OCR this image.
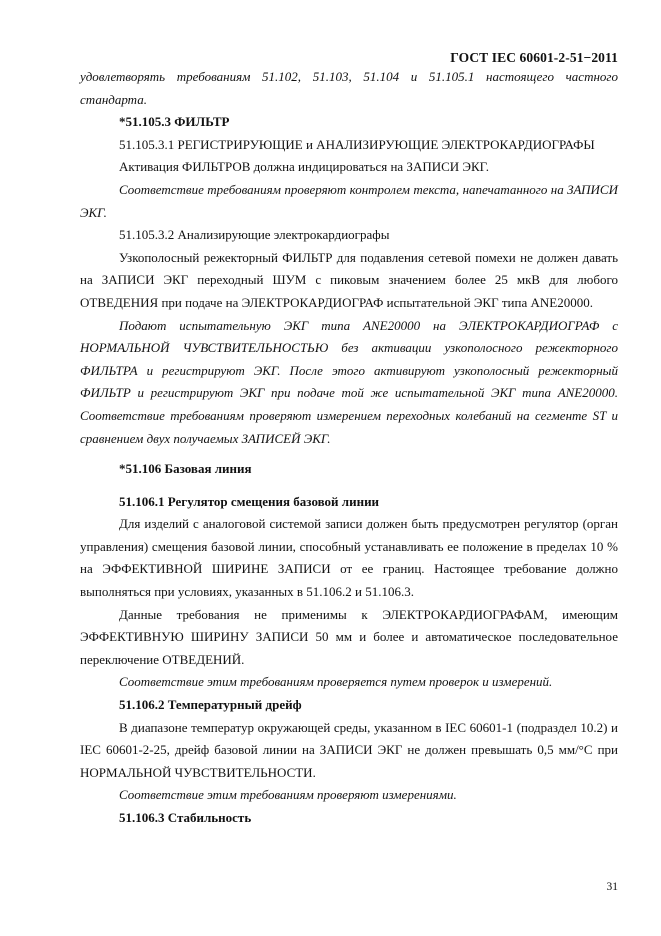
ГОСТ IEC 60601-2-51−2011

удовлетворять требованиям 51.102, 51.103, 51.104 и 51.105.1 настоящего частного стандарта.

*51.105.3 ФИЛЬТР

51.105.3.1 РЕГИСТРИРУЮЩИЕ и АНАЛИЗИРУЮЩИЕ ЭЛЕКТРОКАРДИОГРАФЫ

Активация ФИЛЬТРОВ должна индицироваться на ЗАПИСИ ЭКГ.

Соответствие требованиям проверяют контролем текста, напечатанного на ЗАПИСИ ЭКГ.

51.105.3.2 Анализирующие электрокардиографы

Узкополосный режекторный ФИЛЬТР для подавления сетевой помехи не должен давать на ЗАПИСИ ЭКГ переходный ШУМ с пиковым значением более 25 мкВ для любого ОТВЕДЕНИЯ при подаче на ЭЛЕКТРОКАРДИОГРАФ испытательной ЭКГ типа ANE20000.

Подают испытательную ЭКГ типа ANE20000 на ЭЛЕКТРОКАРДИОГРАФ с НОРМАЛЬНОЙ ЧУВСТВИТЕЛЬНОСТЬЮ без активации узкополосного режекторного ФИЛЬТРА и регистрируют ЭКГ. После этого активируют узкополосный режекторный ФИЛЬТР и регистрируют ЭКГ при подаче той же испытательной ЭКГ типа ANE20000. Соответствие требованиям проверяют измерением переходных колебаний на сегменте ST и сравнением двух получаемых ЗАПИСЕЙ ЭКГ.

*51.106 Базовая линия

51.106.1 Регулятор смещения базовой линии

Для изделий с аналоговой системой записи должен быть предусмотрен регулятор (орган управления) смещения базовой линии, способный устанавливать ее положение в пределах 10 % на ЭФФЕКТИВНОЙ ШИРИНЕ ЗАПИСИ от ее границ. Настоящее требование должно выполняться при условиях, указанных в 51.106.2 и 51.106.3.

Данные требования не применимы к ЭЛЕКТРОКАРДИОГРАФАМ, имеющим ЭФФЕКТИВНУЮ ШИРИНУ ЗАПИСИ 50 мм и более и автоматическое последовательное переключение ОТВЕДЕНИЙ.

Соответствие этим требованиям проверяется путем проверок и измерений.

51.106.2 Температурный дрейф

В диапазоне температур окружающей среды, указанном в IEC 60601-1 (подраздел 10.2) и IEC 60601-2-25, дрейф базовой линии на ЗАПИСИ ЭКГ не должен превышать 0,5 мм/°С при НОРМАЛЬНОЙ ЧУВСТВИТЕЛЬНОСТИ.

Соответствие этим требованиям проверяют измерениями.

51.106.3 Стабильность

31
